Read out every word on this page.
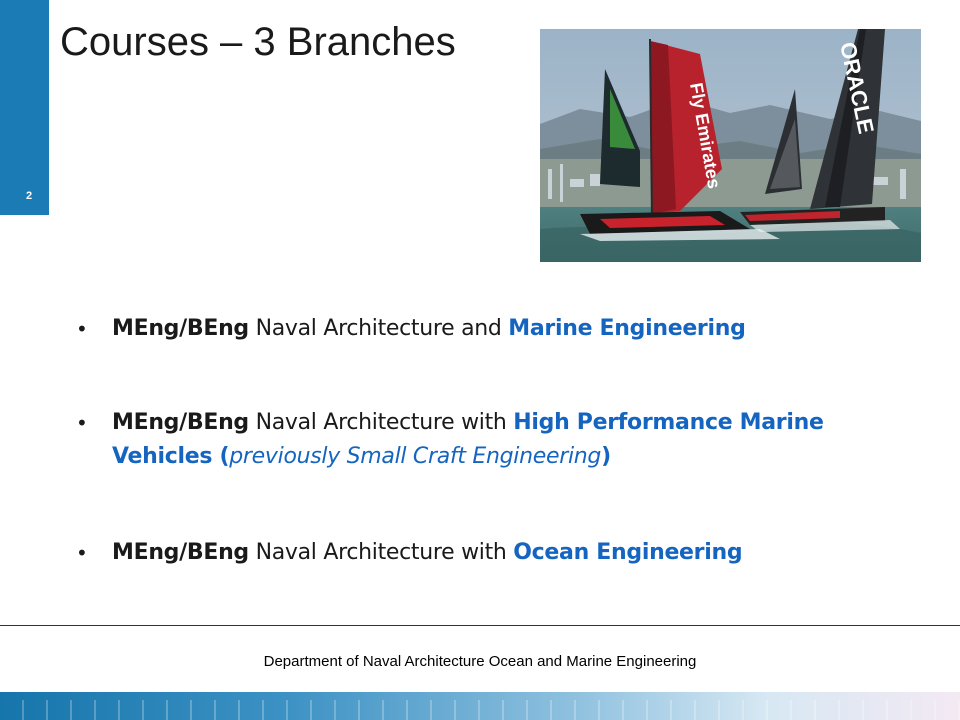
2
Courses – 3 Branches
Fly Emirates	ORACLE
• MEng/BEng Naval Architecture and Marine Engineering
• MEng/BEng Naval Architecture with High Performance Marine Vehicles (previously Small Craft Engineering)
• MEng/BEng Naval Architecture with Ocean Engineering
Department of Naval Architecture Ocean and Marine Engineering
